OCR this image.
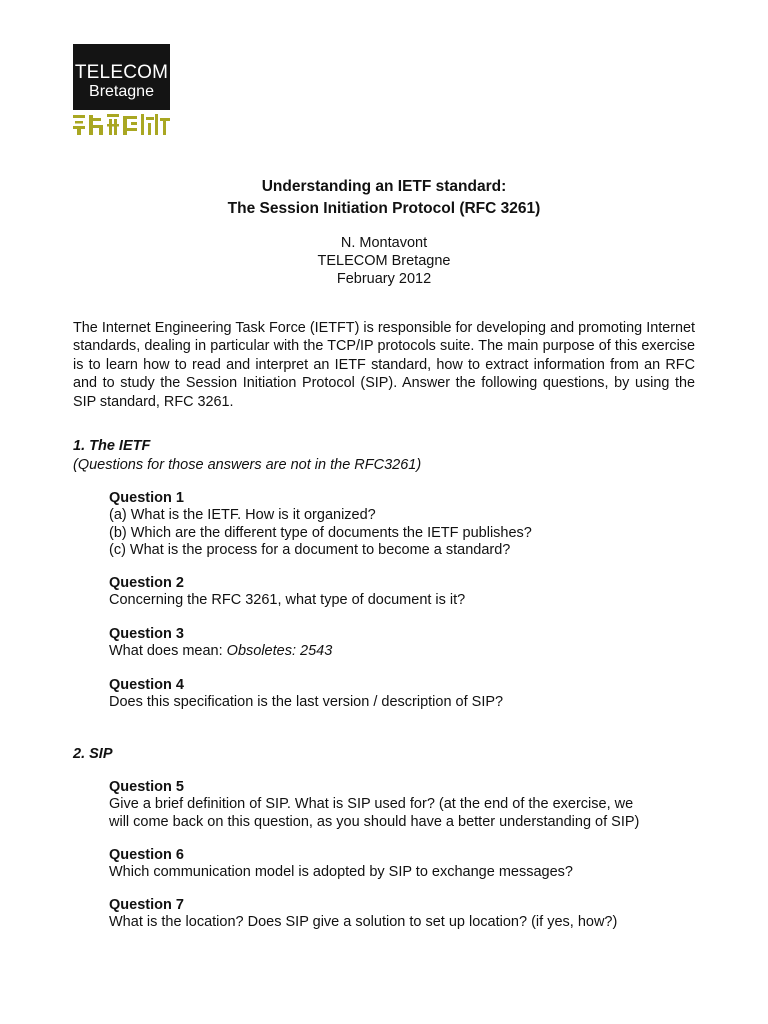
TELECOM
Bretagne
Understanding an IETF standard:
The Session Initiation Protocol (RFC 3261)
N. Montavont
TELECOM Bretagne
February 2012

The Internet Engineering Task Force (IETFT) is responsible for developing and promoting Internet standards, dealing in particular with the TCP/IP protocols suite. The main purpose of this exercise is to learn how to read and interpret an IETF standard, how to extract information from an RFC and to study the Session Initiation Protocol (SIP). Answer the following questions, by using the SIP standard, RFC 3261.

1. The IETF

(Questions for those answers are not in the RFC3261)

Question 1
(a) What is the IETF. How is it organized?
(b) Which are the different type of documents the IETF publishes?
(c) What is the process for a document to become a standard?
Question 2
Concerning the RFC 3261, what type of document is it?
Question 3
What does mean: Obsoletes: 2543
Question 4
Does this specification is the last version / description of SIP?

2. SIP

Question 5
Give a brief definition of SIP. What is SIP used for? (at the end of the exercise, we
will come back on this question, as you should have a better understanding of SIP)
Question 6
Which communication model is adopted by SIP to exchange messages?
Question 7
What is the location? Does SIP give a solution to set up location? (if yes, how?)
